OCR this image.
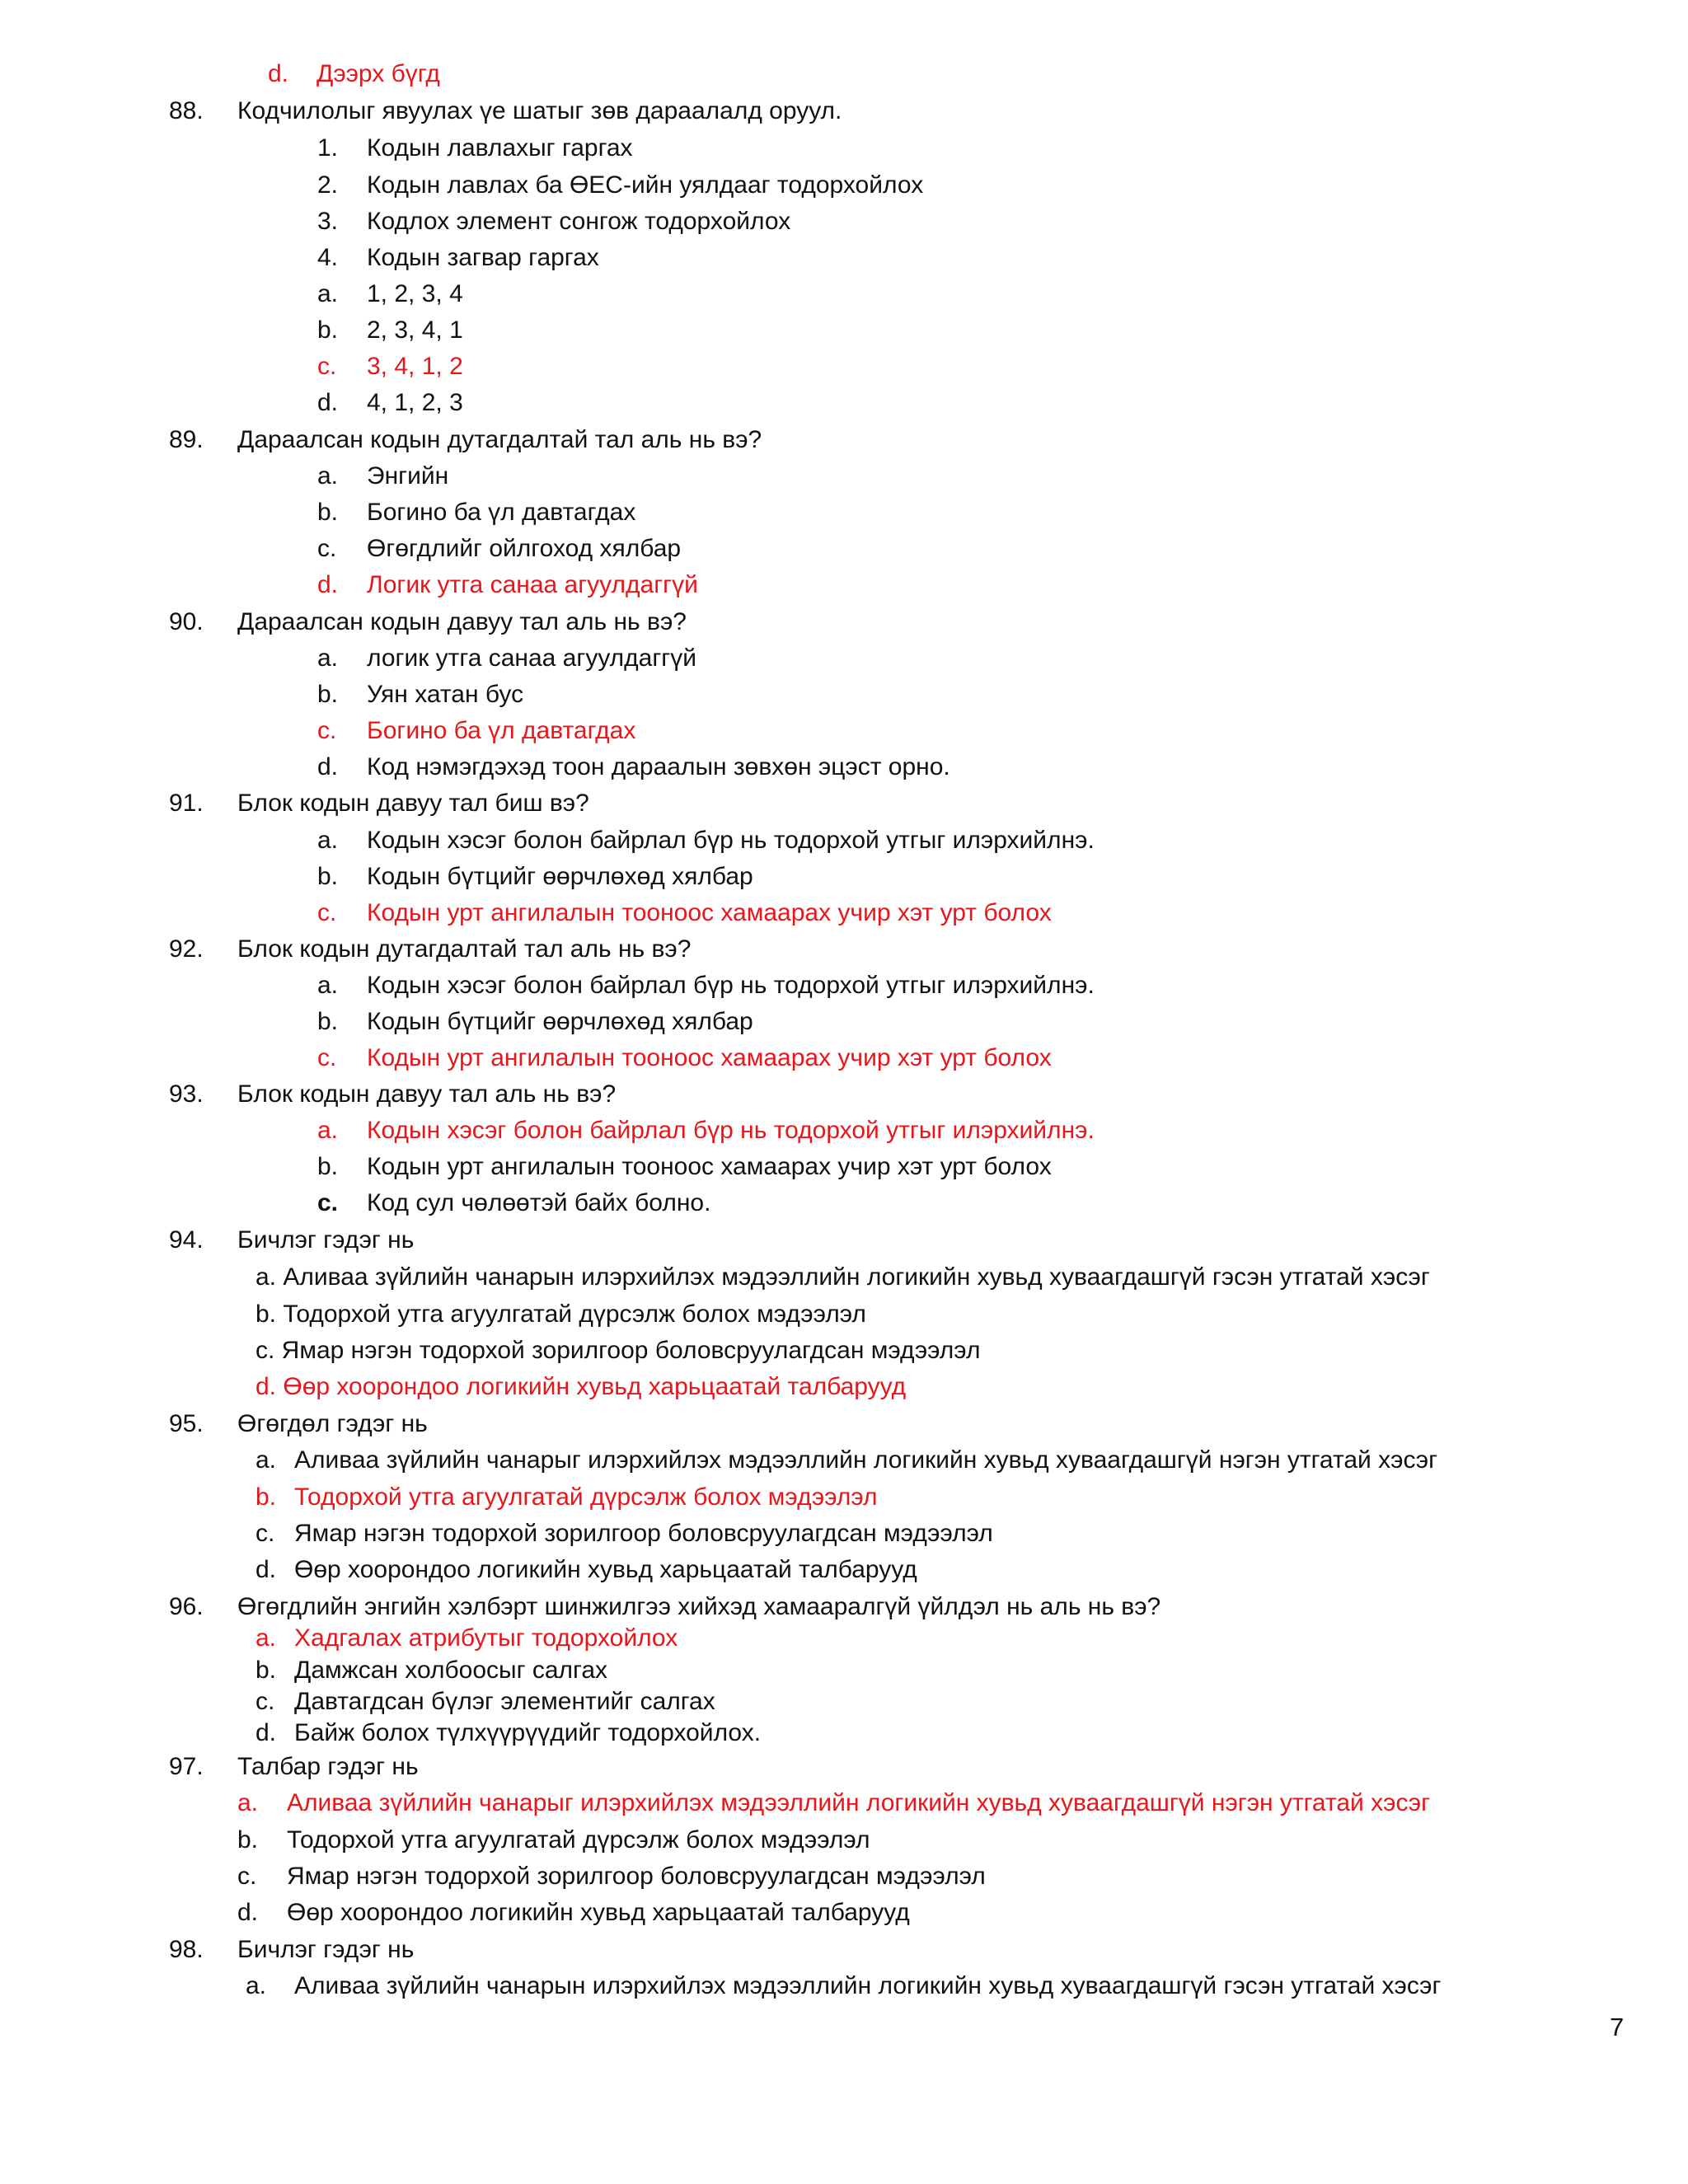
7
d. Дээрх бүгд
88. Кодчилолыг явуулах үе шатыг зөв дараалалд оруул.
1. Кодын лавлахыг гаргах
2. Кодын лавлах ба ӨЕС-ийн уялдааг тодорхойлох
3. Кодлох элемент сонгож тодорхойлох
4. Кодын загвар гаргах
a. 1, 2, 3, 4
b. 2, 3, 4, 1
c. 3, 4, 1, 2
d. 4, 1, 2, 3
89. Дараалсан кодын дутагдалтай тал аль нь вэ?
a. Энгийн
b. Богино ба үл давтагдах
c. Өгөгдлийг ойлгоход хялбар
d. Логик утга санаа агуулдаггүй
90. Дараалсан кодын давуу тал аль нь вэ?
a. логик утга санаа агуулдаггүй
b. Уян хатан бус
c. Богино ба үл давтагдах
d. Код нэмэгдэхэд тоон дараалын зөвхөн эцэст орно.
91. Блок кодын давуу тал биш вэ?
a. Кодын хэсэг болон байрлал бүр нь тодорхой утгыг илэрхийлнэ.
b. Кодын бүтцийг өөрчлөхөд хялбар
c. Кодын урт ангилалын тооноос хамаарах учир хэт урт болох
92. Блок кодын дутагдалтай тал аль нь вэ?
a. Кодын хэсэг болон байрлал бүр нь тодорхой утгыг илэрхийлнэ.
b. Кодын бүтцийг өөрчлөхөд хялбар
c. Кодын урт ангилалын тооноос хамаарах учир хэт урт болох
93. Блок кодын давуу тал аль нь вэ?
a. Кодын хэсэг болон байрлал бүр нь тодорхой утгыг илэрхийлнэ.
b. Кодын урт ангилалын тооноос хамаарах учир хэт урт болох
c. Код сул чөлөөтэй байх болно.
94. Бичлэг гэдэг нь
a. Аливаа зүйлийн чанарын илэрхийлэх мэдээллийн логикийн хувьд хуваагдашгүй гэсэн утгатай хэсэг
b. Тодорхой утга агуулгатай дүрсэлж болох мэдээлэл
c. Ямар нэгэн тодорхой зорилгоор боловсруулагдсан мэдээлэл
d. Өөр хоорондоо логикийн хувьд харьцаатай талбарууд
95. Өгөгдөл гэдэг нь
a. Аливаа зүйлийн чанарыг илэрхийлэх мэдээллийн логикийн хувьд хуваагдашгүй нэгэн утгатай хэсэг
b. Тодорхой утга агуулгатай дүрсэлж болох мэдээлэл
c. Ямар нэгэн тодорхой зорилгоор боловсруулагдсан мэдээлэл
d. Өөр хоорондоо логикийн хувьд харьцаатай талбарууд
96. Өгөгдлийн энгийн хэлбэрт шинжилгээ хийхэд хамааралгүй үйлдэл нь аль нь вэ?
a. Хадгалах атрибутыг тодорхойлох
b. Дамжсан холбоосыг салгах
c. Давтагдсан бүлэг элементийг салгах
d. Байж болох түлхүүрүүдийг тодорхойлох.
97. Талбар гэдэг нь
a. Аливаа зүйлийн чанарыг илэрхийлэх мэдээллийн логикийн хувьд хуваагдашгүй нэгэн утгатай хэсэг
b. Тодорхой утга агуулгатай дүрсэлж болох мэдээлэл
c. Ямар нэгэн тодорхой зорилгоор боловсруулагдсан мэдээлэл
d. Өөр хоорондоо логикийн хувьд харьцаатай талбарууд
98. Бичлэг гэдэг нь
a. Аливаа зүйлийн чанарын илэрхийлэх мэдээллийн логикийн хувьд хуваагдашгүй гэсэн утгатай хэсэг
